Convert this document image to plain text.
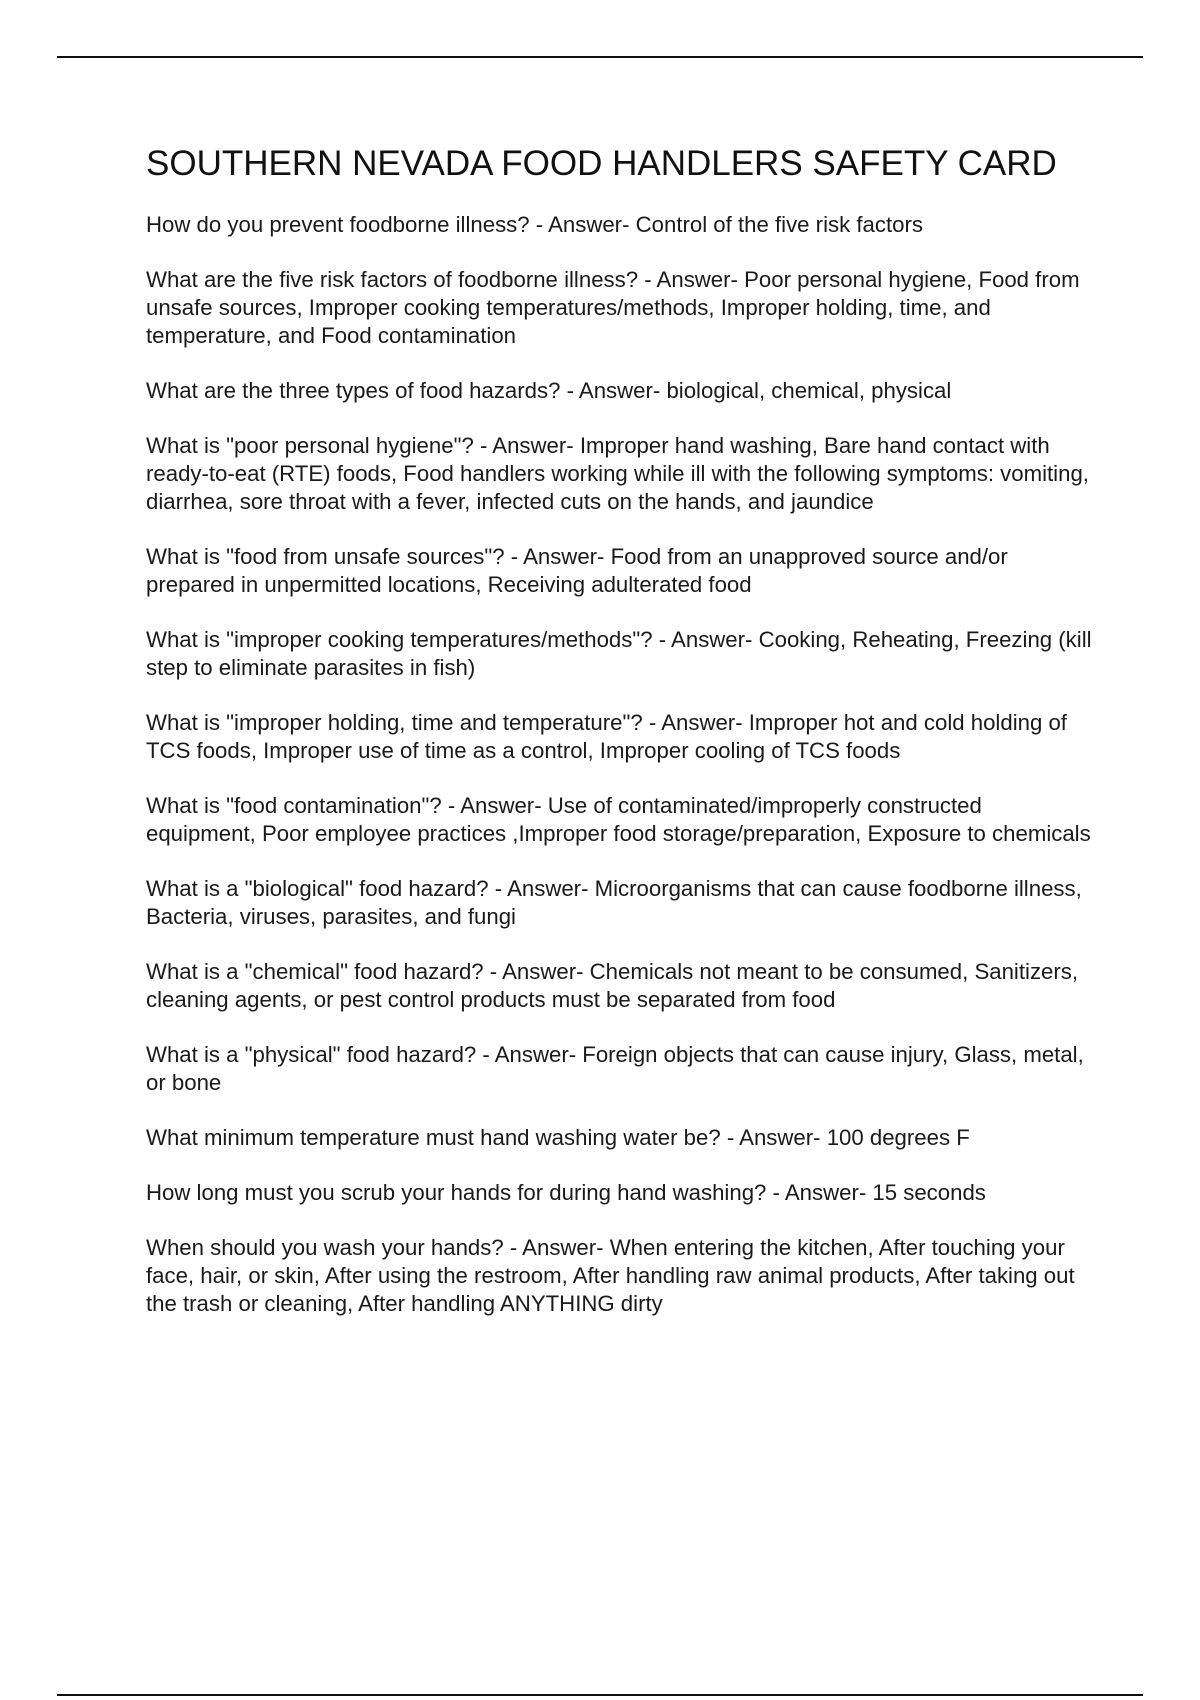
SOUTHERN NEVADA FOOD HANDLERS SAFETY CARD
How do you prevent foodborne illness? - Answer- Control of the five risk factors
What are the five risk factors of foodborne illness? - Answer- Poor personal hygiene, Food from unsafe sources, Improper cooking temperatures/methods, Improper holding, time, and temperature, and Food contamination
What are the three types of food hazards? - Answer- biological, chemical, physical
What is "poor personal hygiene"? - Answer- Improper hand washing, Bare hand contact with ready-to-eat (RTE) foods, Food handlers working while ill with the following symptoms: vomiting, diarrhea, sore throat with a fever, infected cuts on the hands, and jaundice
What is "food from unsafe sources"? - Answer- Food from an unapproved source and/or prepared in unpermitted locations, Receiving adulterated food
What is "improper cooking temperatures/methods"? - Answer- Cooking, Reheating, Freezing (kill step to eliminate parasites in fish)
What is "improper holding, time and temperature"? - Answer- Improper hot and cold holding of TCS foods, Improper use of time as a control, Improper cooling of TCS foods
What is "food contamination"? - Answer- Use of contaminated/improperly constructed equipment, Poor employee practices ,Improper food storage/preparation, Exposure to chemicals
What is a "biological" food hazard? - Answer- Microorganisms that can cause foodborne illness, Bacteria, viruses, parasites, and fungi
What is a "chemical" food hazard? - Answer- Chemicals not meant to be consumed, Sanitizers, cleaning agents, or pest control products must be separated from food
What is a "physical" food hazard? - Answer- Foreign objects that can cause injury, Glass, metal, or bone
What minimum temperature must hand washing water be? - Answer- 100 degrees F
How long must you scrub your hands for during hand washing? - Answer- 15 seconds
When should you wash your hands? - Answer- When entering the kitchen, After touching your face, hair, or skin, After using the restroom, After handling raw animal products, After taking out the trash or cleaning, After handling ANYTHING dirty
